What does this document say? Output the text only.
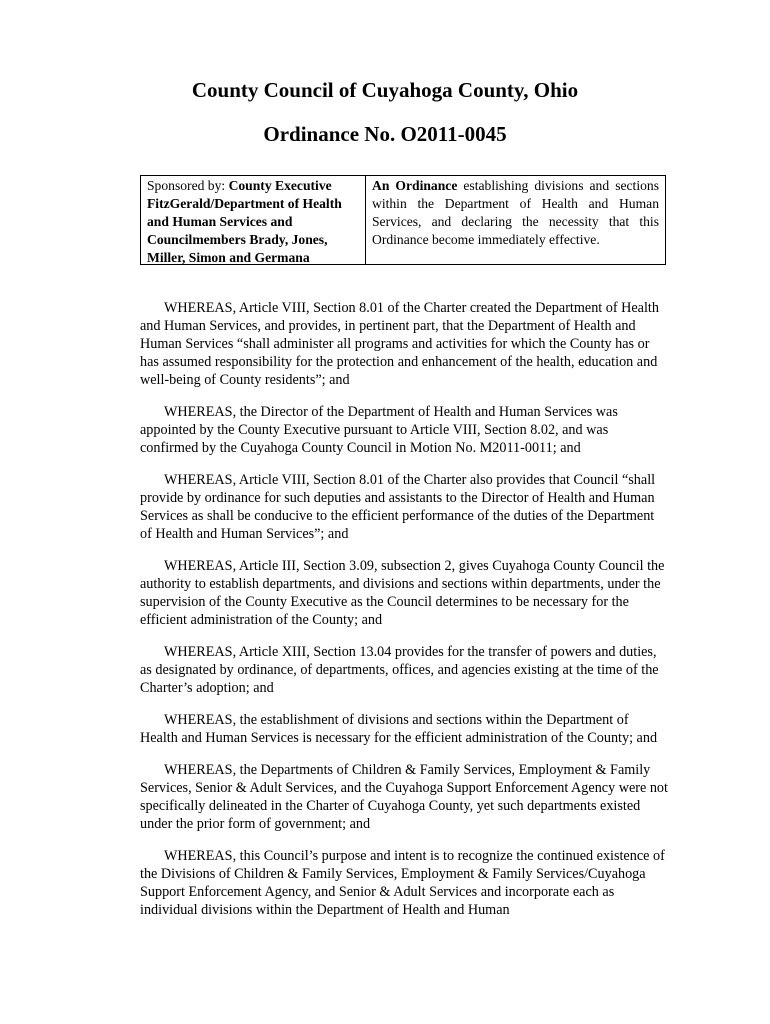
County Council of Cuyahoga County, Ohio
Ordinance No. O2011-0045
Sponsored by: County Executive FitzGerald/Department of Health and Human Services and Councilmembers Brady, Jones, Miller, Simon and Germana
An Ordinance establishing divisions and sections within the Department of Health and Human Services, and declaring the necessity that this Ordinance become immediately effective.

WHEREAS, Article VIII, Section 8.01 of the Charter created the Department of Health and Human Services, and provides, in pertinent part, that the Department of Health and Human Services “shall administer all programs and activities for which the County has or has assumed responsibility for the protection and enhancement of the health, education and well-being of County residents”; and

WHEREAS, the Director of the Department of Health and Human Services was appointed by the County Executive pursuant to Article VIII, Section 8.02, and was confirmed by the Cuyahoga County Council in Motion No. M2011-0011; and

WHEREAS, Article VIII, Section 8.01 of the Charter also provides that Council “shall provide by ordinance for such deputies and assistants to the Director of Health and Human Services as shall be conducive to the efficient performance of the duties of the Department of Health and Human Services”; and

WHEREAS, Article III, Section 3.09, subsection 2, gives Cuyahoga County Council the authority to establish departments, and divisions and sections within departments, under the supervision of the County Executive as the Council determines to be necessary for the efficient administration of the County; and

WHEREAS, Article XIII, Section 13.04 provides for the transfer of powers and duties, as designated by ordinance, of departments, offices, and agencies existing at the time of the Charter’s adoption; and

WHEREAS, the establishment of divisions and sections within the Department of Health and Human Services is necessary for the efficient administration of the County; and

WHEREAS, the Departments of Children & Family Services, Employment & Family Services, Senior & Adult Services, and the Cuyahoga Support Enforcement Agency were not specifically delineated in the Charter of Cuyahoga County, yet such departments existed under the prior form of government; and

WHEREAS, this Council’s purpose and intent is to recognize the continued existence of the Divisions of Children & Family Services, Employment & Family Services/Cuyahoga Support Enforcement Agency, and Senior & Adult Services and incorporate each as individual divisions within the Department of Health and Human
